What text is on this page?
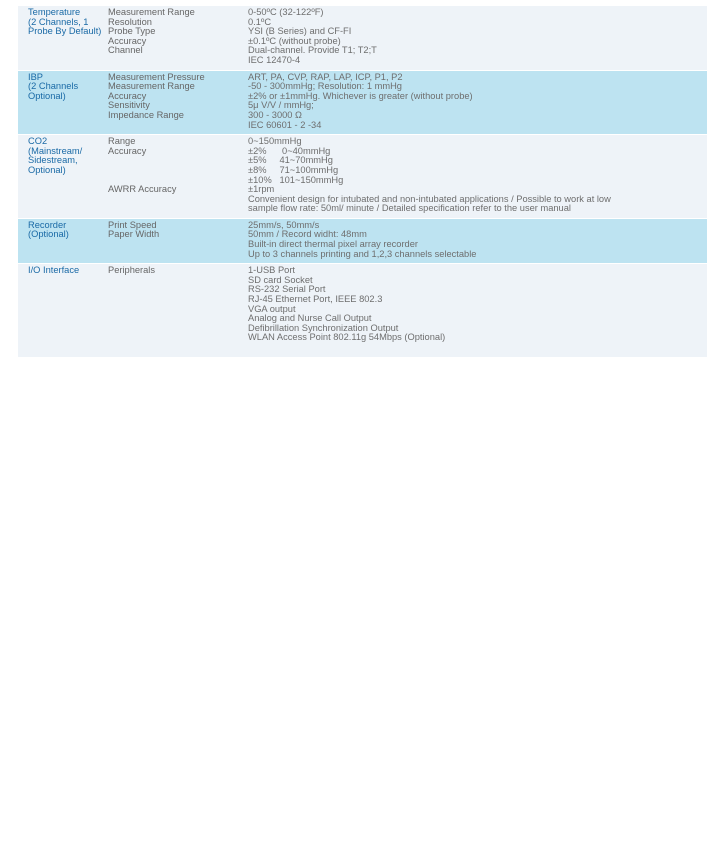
Temperature
(2 Channels, 1
Probe By Default)
Measurement Range	0-50ºC (32-122ºF)
Resolution	0.1ºC
Probe Type	YSI (B Series) and CF-FI
Accuracy	±0.1ºC (without probe)
Channel	Dual-channel. Provide T1; T2;T
IEC 12470-4
IBP
(2 Channels
Optional)
Measurement Pressure	ART, PA, CVP, RAP, LAP, ICP, P1, P2
Measurement Range	-50 - 300mmHg; Resolution: 1 mmHg
Accuracy	±2% or ±1mmHg. Whichever is greater (without probe)
Sensitivity	5μ V/V / mmHg;
Impedance Range	300 - 3000 Ω
IEC 60601 - 2 -34
CO2
(Mainstream/
Sidestream,
Optional)
Range	0~150mmHg
Accuracy	±2%      0~40mmHg
±5%     41~70mmHg
±8%     71~100mmHg
±10%   101~150mmHg
AWRR Accuracy	±1rpm
Convenient design for intubated and non-intubated applications / Possible to work at low
sample flow rate: 50ml/ minute / Detailed specification refer to the user manual
Recorder
(Optional)
Print Speed	25mm/s, 50mm/s
Paper Width	50mm / Record widht: 48mm
Built-in direct thermal pixel array recorder
Up to 3 channels printing and 1,2,3 channels selectable
I/O Interface	Peripherals	1-USB Port
SD card Socket
RS-232 Serial Port
RJ-45 Ethernet Port, IEEE 802.3
VGA output
Analog and Nurse Call Output
Defibrillation Synchronization Output
WLAN Access Point 802.11g 54Mbps (Optional)
